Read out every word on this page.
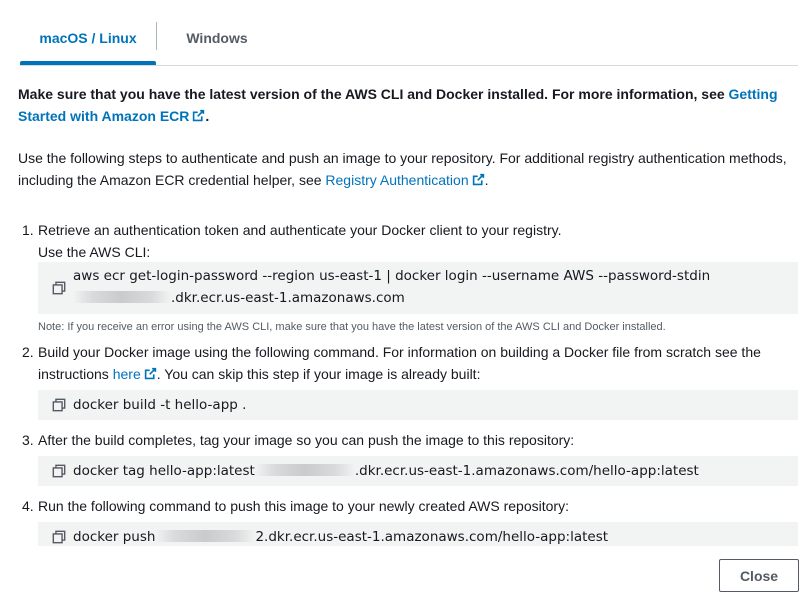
macOS / Linux	Windows

Make sure that you have the latest version of the AWS CLI and Docker installed. For more information, see Getting Started with Amazon ECR .

Use the following steps to authenticate and push an image to your repository. For additional registry authentication methods, including the Amazon ECR credential helper, see Registry Authentication .

1. Retrieve an authentication token and authenticate your Docker client to your registry.
Use the AWS CLI:
aws ecr get-login-password --region us-east-1 | docker login --username AWS --password-stdin
.dkr.ecr.us-east-1.amazonaws.com
Note: If you receive an error using the AWS CLI, make sure that you have the latest version of the AWS CLI and Docker installed.
2. Build your Docker image using the following command. For information on building a Docker file from scratch see the instructions here . You can skip this step if your image is already built:
docker build -t hello-app .
3. After the build completes, tag your image so you can push the image to this repository:
docker tag hello-app:latest	.dkr.ecr.us-east-1.amazonaws.com/hello-app:latest
4. Run the following command to push this image to your newly created AWS repository:
docker push	2.dkr.ecr.us-east-1.amazonaws.com/hello-app:latest
Close
